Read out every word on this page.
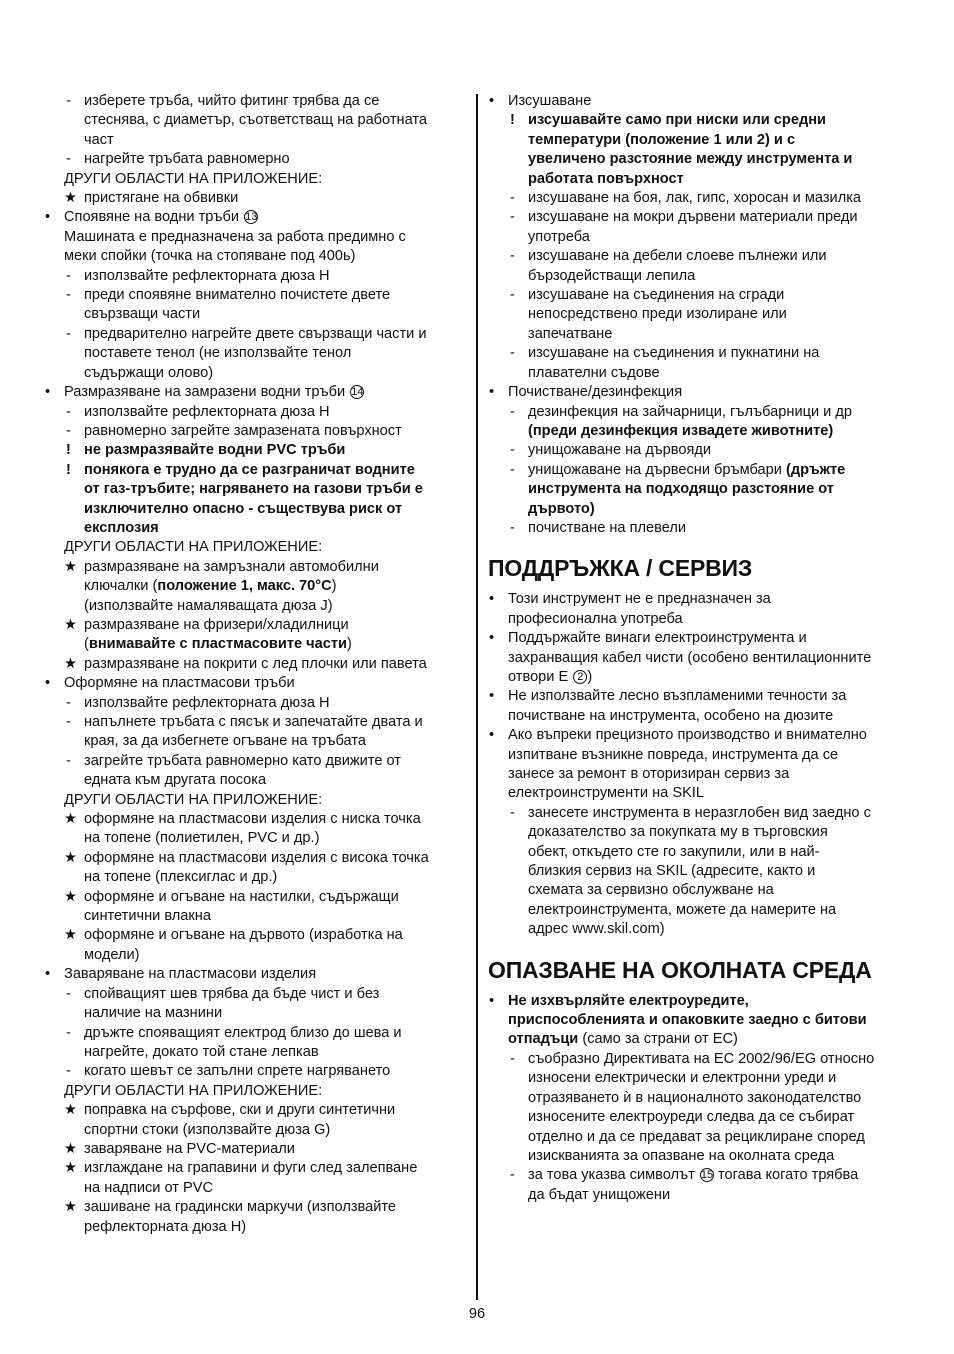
- изберете тръба, чийто фитинг трябва да се
стеснява, с диаметър, съответстващ на работната
част
- нагрейте тръбата равномерно
ДРУГИ ОБЛАСТИ НА ПРИЛОЖЕНИЕ:
★ пристягане на обвивки
• Споявяне на водни тръби 13
Машината е предназначена за работа предимно с
меки спойки (точка на стопяване под 400ь)
- използвайте рефлекторната дюза H
- преди споявяне внимателно почистете двете
свързващи части
- предварително нагрейте двете свързващи части и
поставете тенол (не използвайте тенол
съдържащи олово)
• Размразяване на замразени водни тръби 14
- използвайте рефлекторната дюза H
- равномерно загрейте замразената повърхност
! не размразявайте водни PVC тръби
! понякога е трудно да се разграничат водните
от газ-тръбите; нагряването на газови тръби е
изключително опасно - съществува риск от
експлозия
ДРУГИ ОБЛАСТИ НА ПРИЛОЖЕНИЕ:
★ размразяване на замръзнали автомобилни
ключалки (положение 1, макс. 70°C)
(използвайте намаляващата дюза J)
★ размразяване на фризери/хладилници
(внимавайте с пластмасовите части)
★ размразяване на покрити с лед плочки или павета
• Оформяне на пластмасови тръби
- използвайте рефлекторната дюза H
- напълнете тръбата с пясък и запечатайте двата и
края, за да избегнете огъване на тръбата
- загрейте тръбата равномерно като движите от
едната към другата посока
ДРУГИ ОБЛАСТИ НА ПРИЛОЖЕНИЕ:
★ оформяне на пластмасови изделия с ниска точка
на топене (полиетилен, PVC и др.)
★ оформяне на пластмасови изделия с висока точка
на топене (плексиглас и др.)
★ оформяне и огъване на настилки, съдържащи
синтетични влакна
★ оформяне и огъване на дървото (изработка на
модели)
• Заваряване на пластмасови изделия
- спойващият шев трябва да бъде чист и без
наличие на мазнини
- дръжте споявaщият електрод близо до шева и
нагрейте, докато той стане лепкав
- когато шевът се запълни спрете нагряването
ДРУГИ ОБЛАСТИ НА ПРИЛОЖЕНИЕ:
★ поправка на сърфове, ски и други синтетични
спортни стоки (използвайте дюза G)
★ заваряване на PVC-материали
★ изглаждане на грапавини и фуги след залепване
на надписи от PVC
★ зашиване на градински маркучи (използвайте
рефлекторната дюза H)
• Изсушаване
! изсушавайте само при ниски или средни
температури (положение 1 или 2) и с
увеличено разстояние между инструмента и
работата повърхност
- изсушаване на боя, лак, гипс, хоросан и мазилка
- изсушаване на мокри дървени материали преди
употреба
- изсушаване на дебели слоеве пълнежи или
бързодействащи лепила
- изсушаване на съединения на сгради
непосредствено преди изолиране или
запечатване
- изсушаване на съединения и пукнатини на
плавателни съдове
• Почистване/дезинфекция
- дезинфекция на зайчарници, гълъбарници и др
(преди дезинфекция извадете животните)
- унищожаване на дървояди
- унищожаване на дървесни бръмбари (дръжте
инструмента на подходящо разстояние от
дървото)
- почистване на плевели
ПОДДРЪЖКА / СЕРВИЗ
• Този инструмент не е предназначен за
професионална употреба
• Поддържайте винаги електроинструмента и
захранващия кабел чисти (особено вентилационните
отвори E 2 )
• Не използвайте лесно възпламеними течности за
почистване на инструмента, особено на дюзите
• Ако въпреки прецизното производство и внимателно
изпитване възникне повреда, инструмента да се
занесе за ремонт в оторизиран сервиз за
електроинструменти на SKIL
- занесете инструмента в неразглобен вид заедно с
доказателство за покупката му в търговския
обект, откъдето сте го закупили, или в най-
близкия сервиз на SKIL (адресите, както и
схемата за сервизно обслужване на
електроинструмента, можете да намерите на
адрес www.skil.com)
ОПАЗВАНЕ НА ОКОЛНАТА СРЕДА
• Не изхвърляйте електроуредите,
приспособленията и опаковките заедно с битови
отпадъци (само за страни от ЕС)
- съобразно Директивата на ЕС 2002/96/EG относно
износени електрически и електронни уреди и
отразяването ѝ в националното законодателство
износените електроуреди следва да се събират
отделно и да се предават за рециклиране според
изискванията за опазване на околната среда
- за това указва символът 15 тогава когато трябва
да бъдат унищожени
96
